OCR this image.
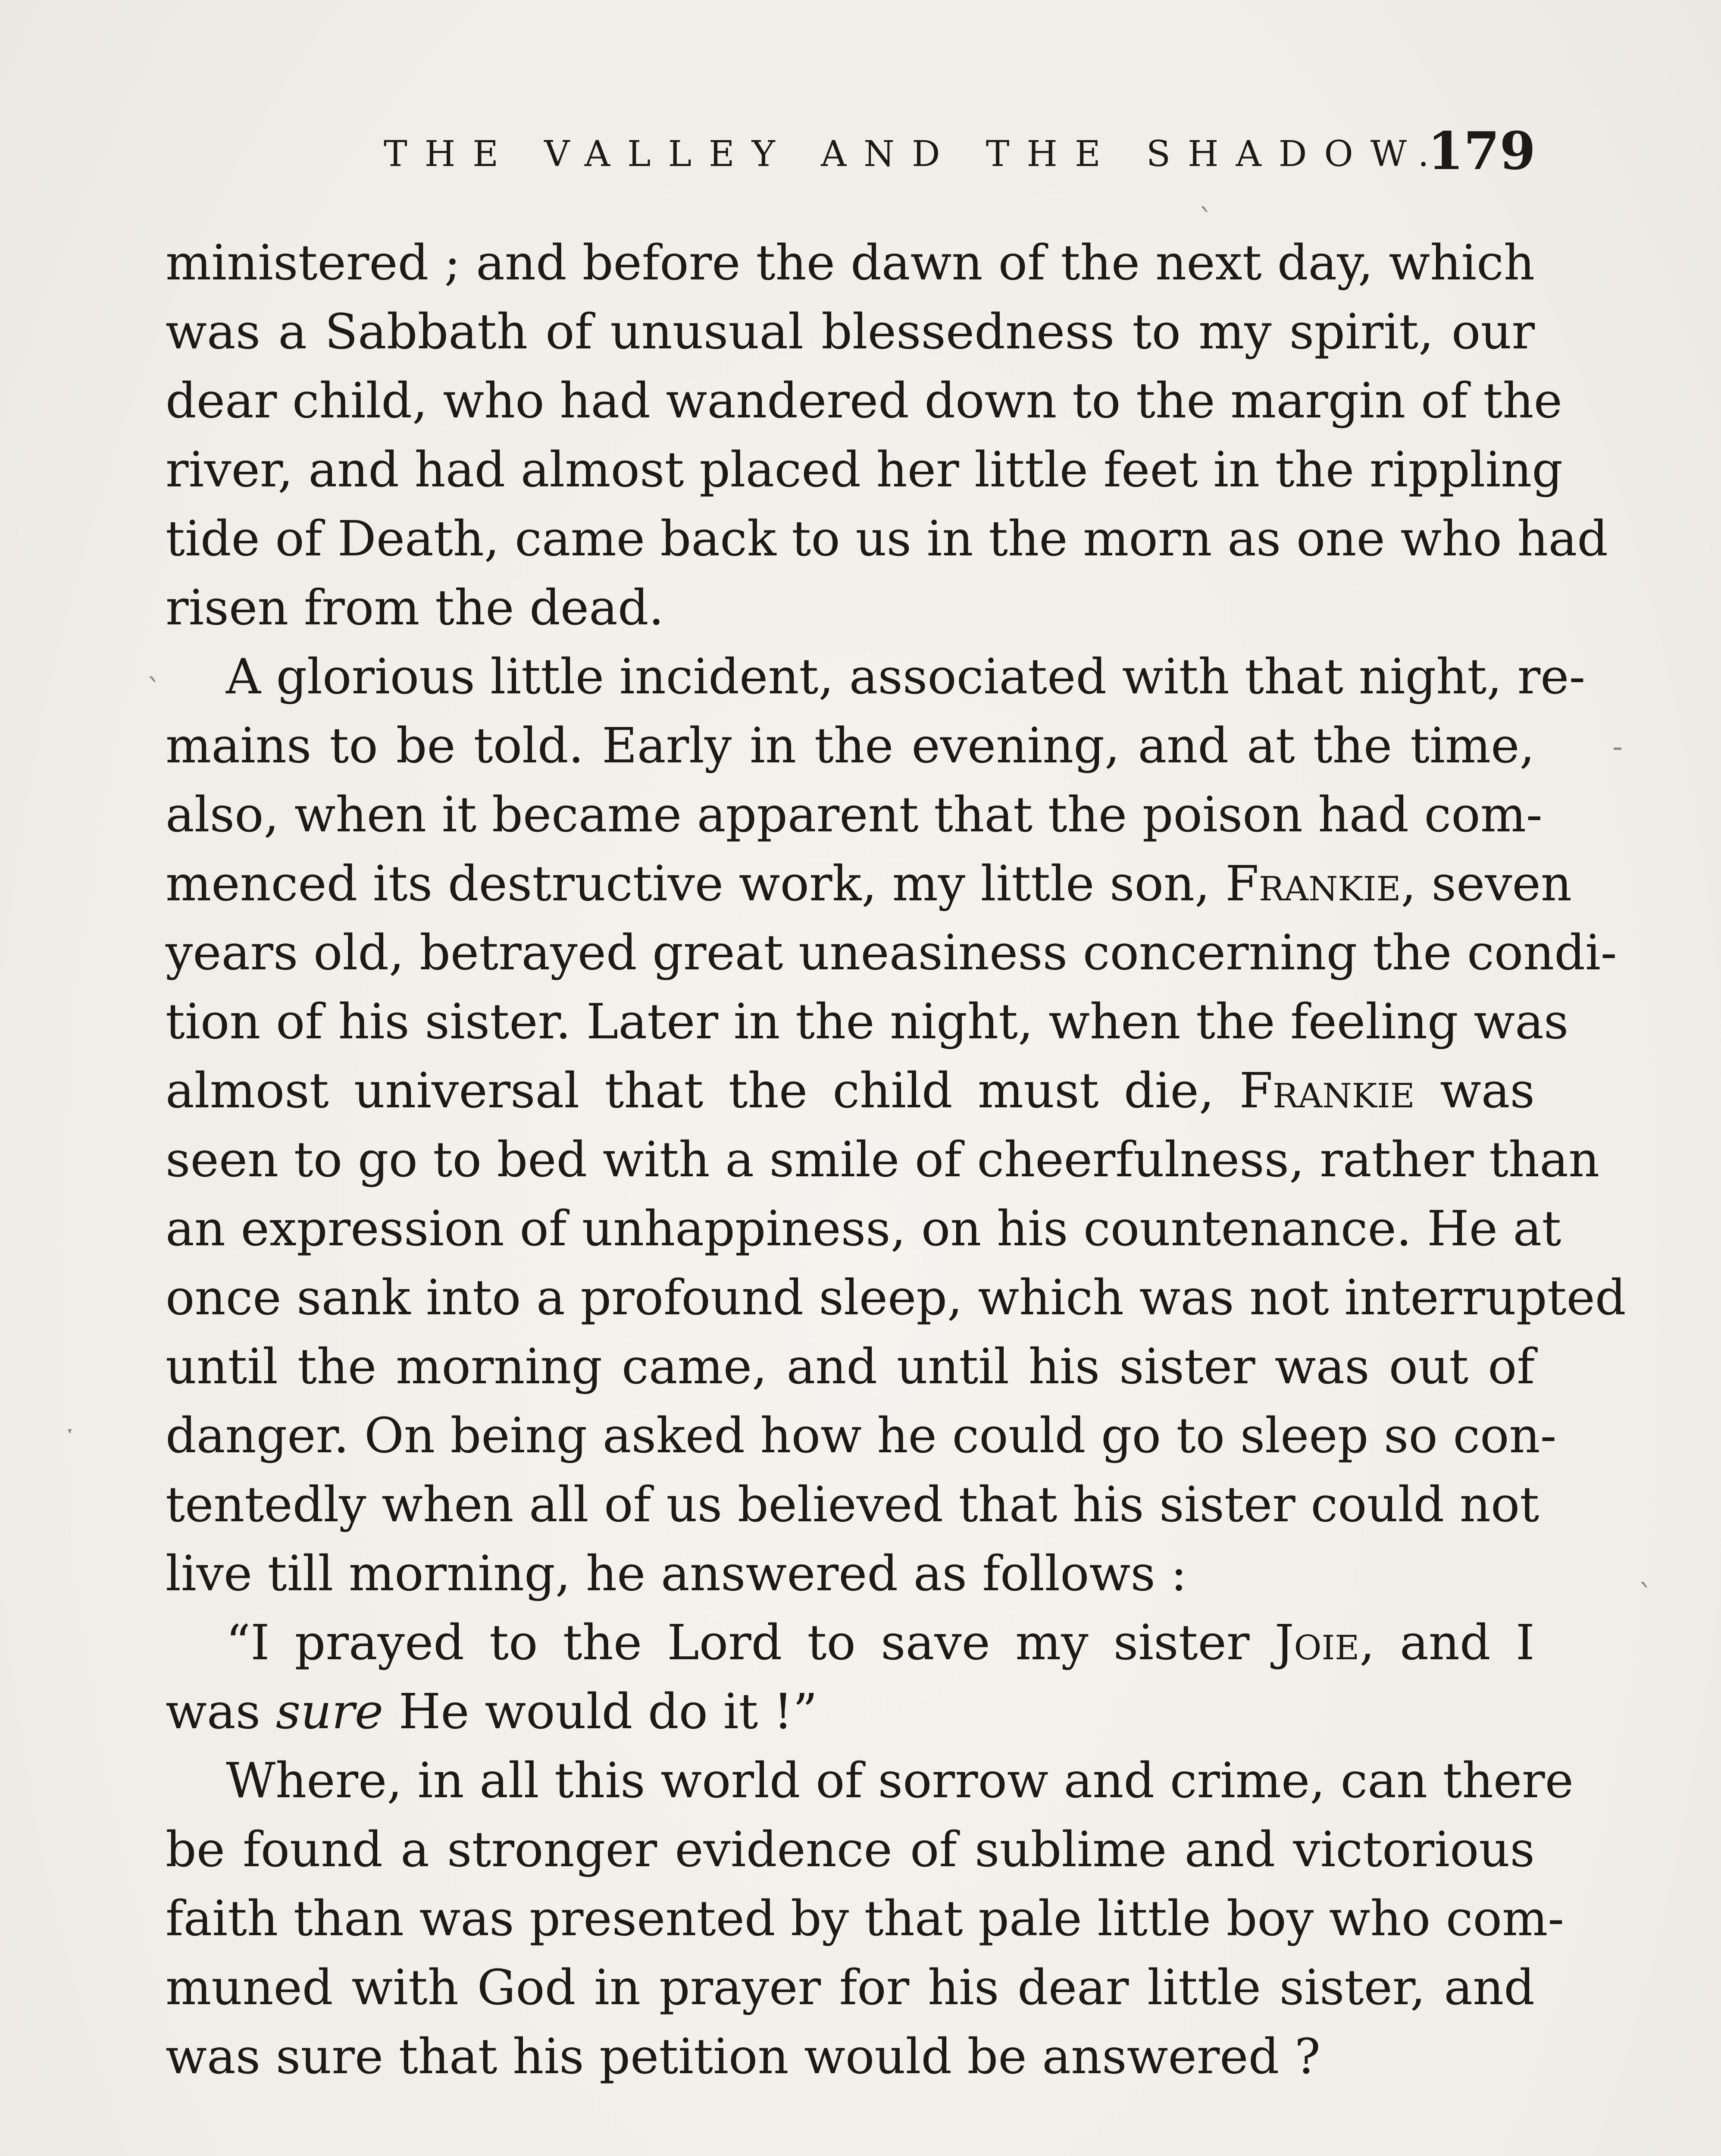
THE VALLEY AND THE SHADOW.
179
ministered ; and before the dawn of the next day, which
was a Sabbath of unusual blessedness to my spirit, our
dear child, who had wandered down to the margin of the
river, and had almost placed her little feet in the rippling
tide of Death, came back to us in the morn as one who had
risen from the dead.
A glorious little incident, associated with that night, re-
mains to be told. Early in the evening, and at the time,
also, when it became apparent that the poison had com-
menced its destructive work, my little son, Frankie, seven
years old, betrayed great uneasiness concerning the condi-
tion of his sister. Later in the night, when the feeling was
almost universal that the child must die, Frankie was
seen to go to bed with a smile of cheerfulness, rather than
an expression of unhappiness, on his countenance. He at
once sank into a profound sleep, which was not interrupted
until the morning came, and until his sister was out of
danger. On being asked how he could go to sleep so con-
tentedly when all of us believed that his sister could not
live till morning, he answered as follows :
“I prayed to the Lord to save my sister Joie, and I
was sure He would do it !”
Where, in all this world of sorrow and crime, can there
be found a stronger evidence of sublime and victorious
faith than was presented by that pale little boy who com-
muned with God in prayer for his dear little sister, and
was sure that his petition would be answered ?
ˋ
ˋ
-
ˑ
ˋ
